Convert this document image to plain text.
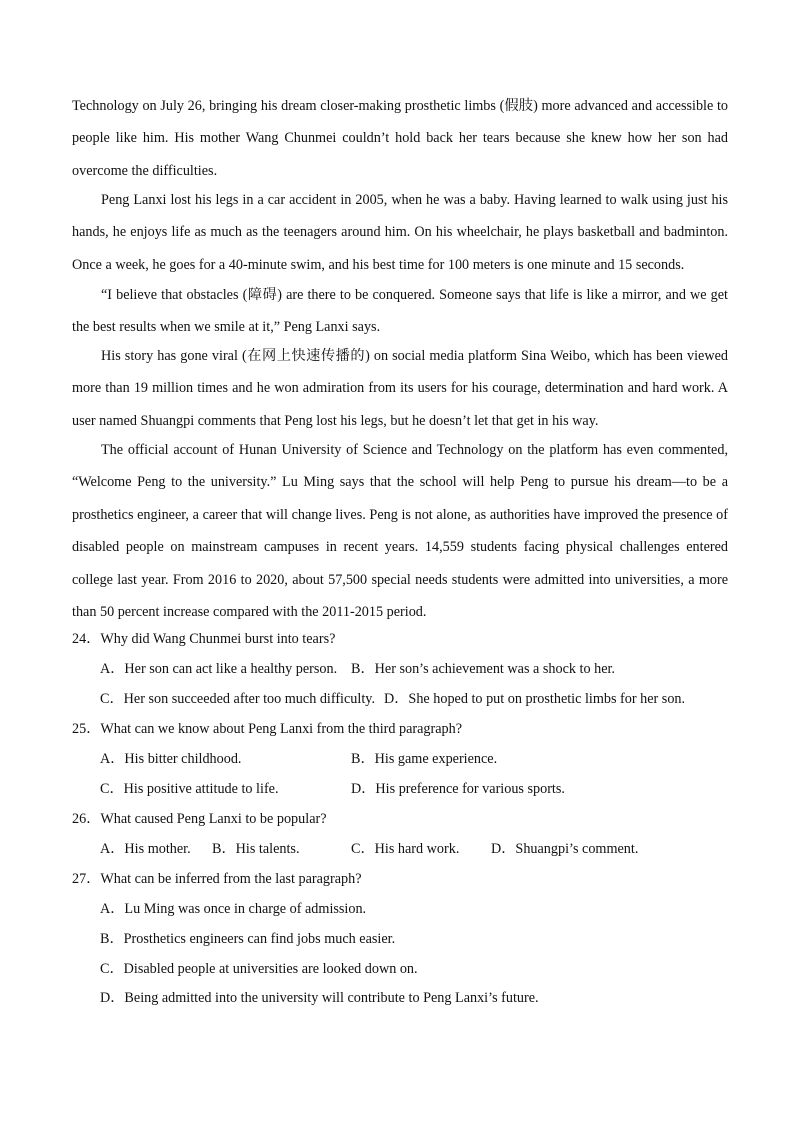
Technology on July 26, bringing his dream closer-making prosthetic limbs (假肢) more advanced and accessible to people like him. His mother Wang Chunmei couldn’t hold back her tears because she knew how her son had overcome the difficulties.

Peng Lanxi lost his legs in a car accident in 2005, when he was a baby. Having learned to walk using just his hands, he enjoys life as much as the teenagers around him. On his wheelchair, he plays basketball and badminton. Once a week, he goes for a 40-minute swim, and his best time for 100 meters is one minute and 15 seconds.

“I believe that obstacles (障碍) are there to be conquered. Someone says that life is like a mirror, and we get the best results when we smile at it,” Peng Lanxi says.

His story has gone viral (在网上快速传播的) on social media platform Sina Weibo, which has been viewed more than 19 million times and he won admiration from its users for his courage, determination and hard work. A user named Shuangpi comments that Peng lost his legs, but he doesn’t let that get in his way.

The official account of Hunan University of Science and Technology on the platform has even commented, “Welcome Peng to the university.” Lu Ming says that the school will help Peng to pursue his dream—to be a prosthetics engineer, a career that will change lives. Peng is not alone, as authorities have improved the presence of disabled people on mainstream campuses in recent years. 14,559 students facing physical challenges entered college last year. From 2016 to 2020, about 57,500 special needs students were admitted into universities, a more than 50 percent increase compared with the 2011-2015 period.

24．Why did Wang Chunmei burst into tears?

A．Her son can act like a healthy person. B．Her son’s achievement was a shock to her.

C．Her son succeeded after too much difficulty. D．She hoped to put on prosthetic limbs for her son.

25．What can we know about Peng Lanxi from the third paragraph?

A．His bitter childhood.	B．His game experience.

C．His positive attitude to life.	D．His preference for various sports.

26．What caused Peng Lanxi to be popular?

A．His mother. B．His talents.	C．His hard work. D．Shuangpi’s comment.

27．What can be inferred from the last paragraph?

A．Lu Ming was once in charge of admission.

B．Prosthetics engineers can find jobs much easier.

C．Disabled people at universities are looked down on.

D．Being admitted into the university will contribute to Peng Lanxi’s future.
